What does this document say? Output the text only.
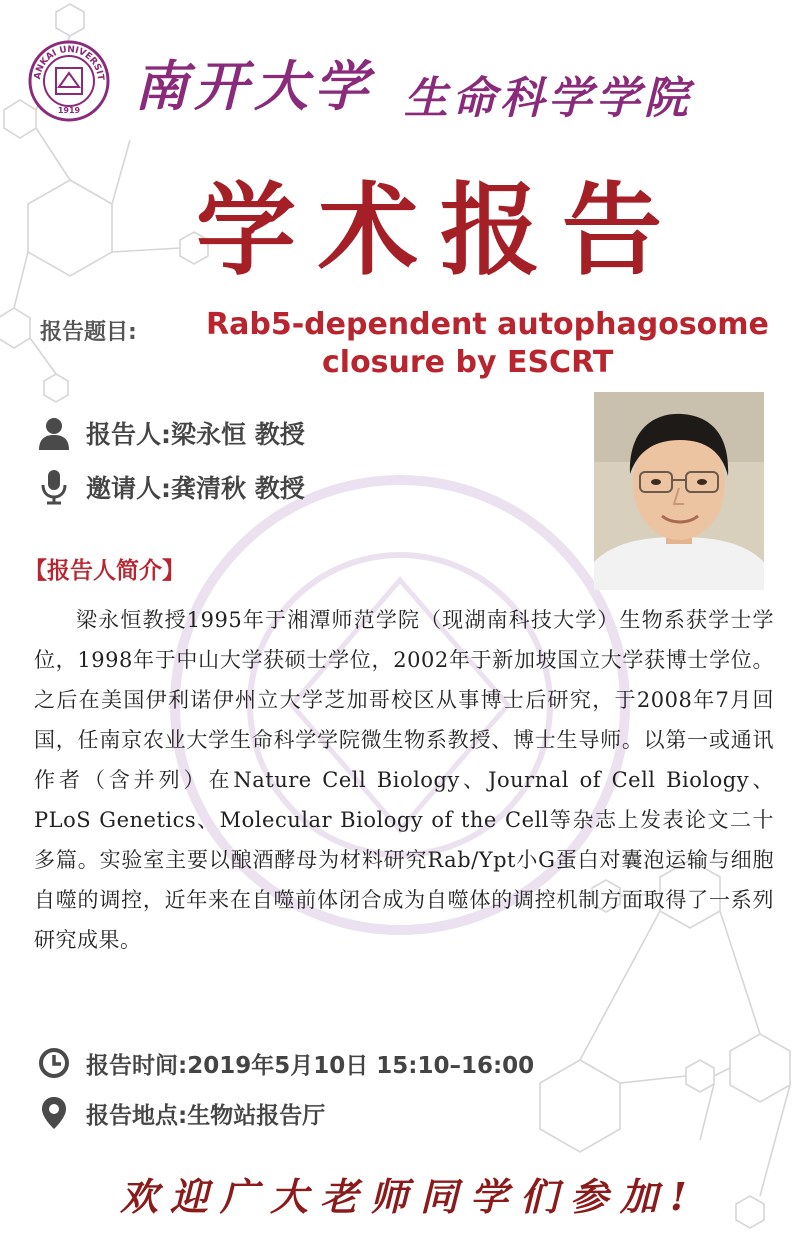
ANKAI UNIVERSIT
1919 南开大学 生命科学学院
学术报告
报告题目: Rab5-dependent autophagosome
closure by ESCRT
报告人: 梁永恒 教授
邀请人: 龚清秋 教授
【报告人简介】
梁永恒教授1995年于湘潭师范学院（现湖南科技大学）生物系获学士学位，1998年于中山大学获硕士学位，2002年于新加坡国立大学获博士学位。之后在美国伊利诺伊州立大学芝加哥校区从事博士后研究，于2008年7月回国，任南京农业大学生命科学学院微生物系教授、博士生导师。以第一或通讯作者（含并列）在Nature Cell Biology、Journal of Cell Biology、PLoS Genetics、Molecular Biology of the Cell等杂志上发表论文二十多篇。实验室主要以酿酒酵母为材料研究Rab/Ypt小G蛋白对囊泡运输与细胞自噬的调控，近年来在自噬前体闭合成为自噬体的调控机制方面取得了一系列研究成果。
报告时间: 2019年5月10日 15:10–16:00
报告地点: 生物站报告厅
欢迎广大老师同学们参加!
